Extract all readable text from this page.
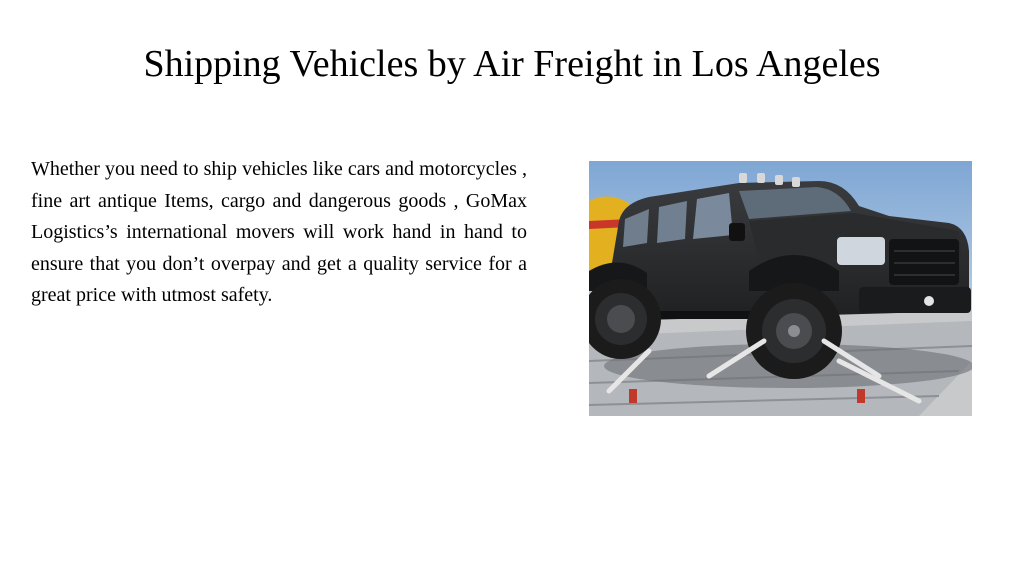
Shipping Vehicles by Air Freight in Los Angeles

Whether you need to ship vehicles like cars and motorcycles , fine art antique Items, cargo and dangerous goods , GoMax Logistics’s international movers will work hand in hand to ensure that you don’t overpay and get a quality service for a great price with utmost safety.
